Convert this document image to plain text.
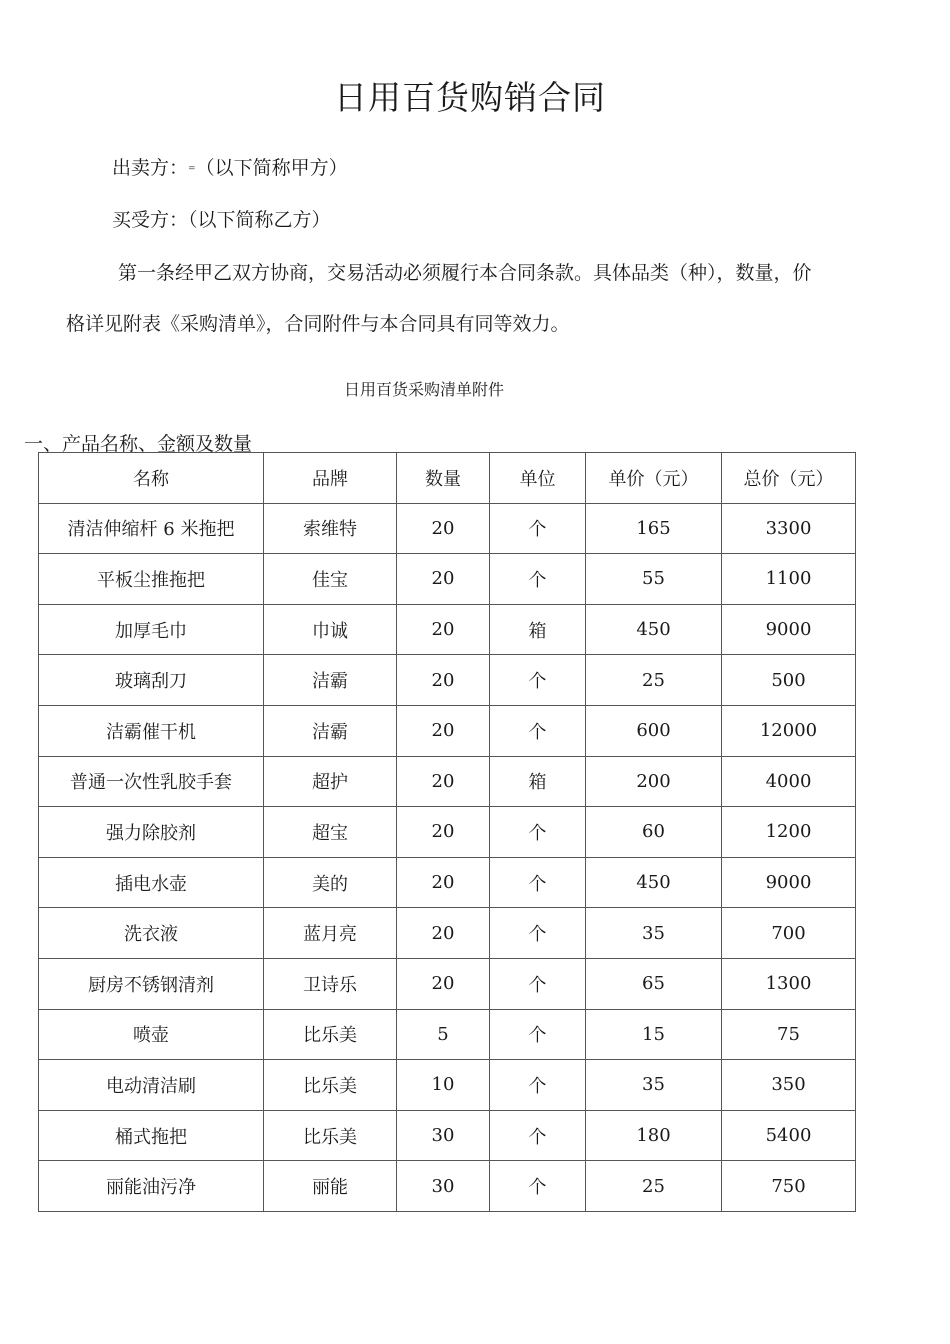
日用百货购销合同
出卖方：=（以下简称甲方）
买受方：（以下简称乙方）
第一条经甲乙双方协商，交易活动必须履行本合同条款。具体品类（种），数量，价
格详见附表《采购清单》，合同附件与本合同具有同等效力。
日用百货采购清单附件
一、产品名称、金额及数量
名称	品牌	数量	单位	单价（元）	总价（元）
清洁伸缩杆 6 米拖把	索维特	20	个	165	3300
平板尘推拖把	佳宝	20	个	55	1100
加厚毛巾	巾诚	20	箱	450	9000
玻璃刮刀	洁霸	20	个	25	500
洁霸催干机	洁霸	20	个	600	12000
普通一次性乳胶手套	超护	20	箱	200	4000
强力除胶剂	超宝	20	个	60	1200
插电水壶	美的	20	个	450	9000
洗衣液	蓝月亮	20	个	35	700
厨房不锈钢清剂	卫诗乐	20	个	65	1300
喷壶	比乐美	5	个	15	75
电动清洁刷	比乐美	10	个	35	350
桶式拖把	比乐美	30	个	180	5400
丽能油污净	丽能	30	个	25	750
